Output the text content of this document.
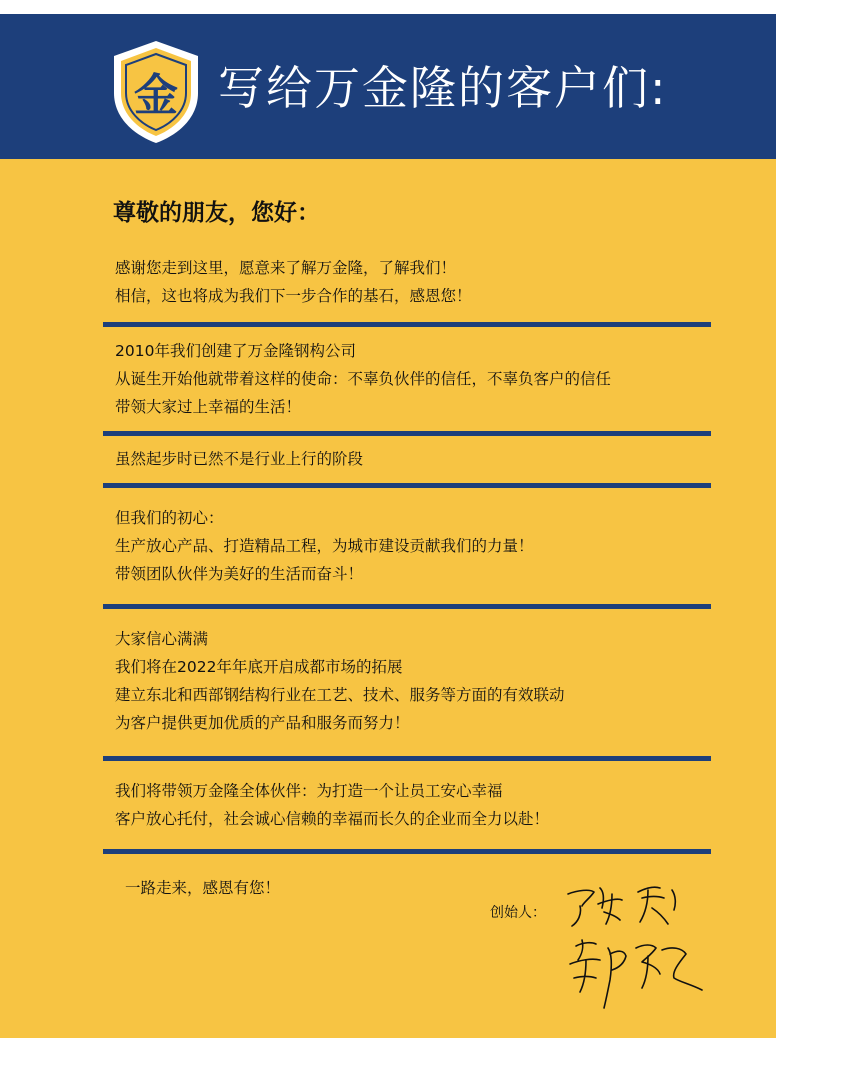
金 写给万金隆的客户们:
尊敬的朋友，您好：
感谢您走到这里，愿意来了解万金隆，了解我们！
相信，这也将成为我们下一步合作的基石，感恩您！
2010年我们创建了万金隆钢构公司
从诞生开始他就带着这样的使命：不辜负伙伴的信任，不辜负客户的信任
带领大家过上幸福的生活！
虽然起步时已然不是行业上行的阶段
但我们的初心：
生产放心产品、打造精品工程，为城市建设贡献我们的力量！
带领团队伙伴为美好的生活而奋斗！
大家信心满满
我们将在2022年年底开启成都市场的拓展
建立东北和西部钢结构行业在工艺、技术、服务等方面的有效联动
为客户提供更加优质的产品和服务而努力！
我们将带领万金隆全体伙伴：为打造一个让员工安心幸福
客户放心托付，社会诚心信赖的幸福而长久的企业而全力以赴！
一路走来，感恩有您！
创始人：
